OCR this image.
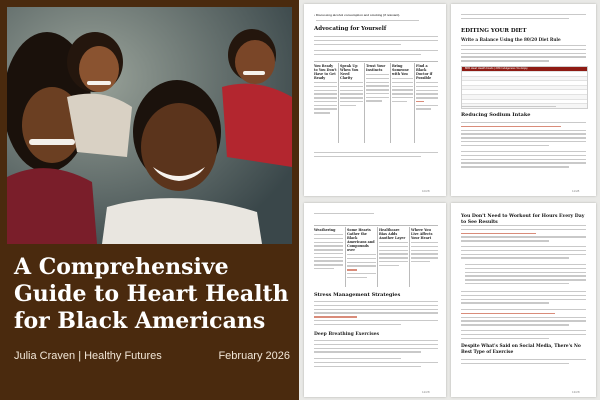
A Comprehensive Guide to Heart Health for Black Americans
Julia Craven | Healthy Futures	February 2026
• Discussing alcohol consumption and smoking (if relevant).
Advocating for Yourself
You Ready to You Don't Have to Get Ready
Speak Up When You Need Clarity
Trust Your Instincts
Bring Someone with You
Find a Black Doctor if Possible
10/28
EDITING YOUR DIET
Write a Balance Using the 80/20 Diet Rule
80% Heart Health Foods | 20% Indulgences You Enjoy
Reducing Sodium Intake
11/28
Weathering	Some Hearts Gather the Black Americans and Compounds over
Healthcare Bias Adds Another Layer
Where You Live Affects Your Heart
Stress Management Strategies
Deep Breathing Exercises
12/28
You Don't Need to Workout for Hours Every Day to See Results
Despite What's Said on Social Media, There's No Best Type of Exercise
13/28
